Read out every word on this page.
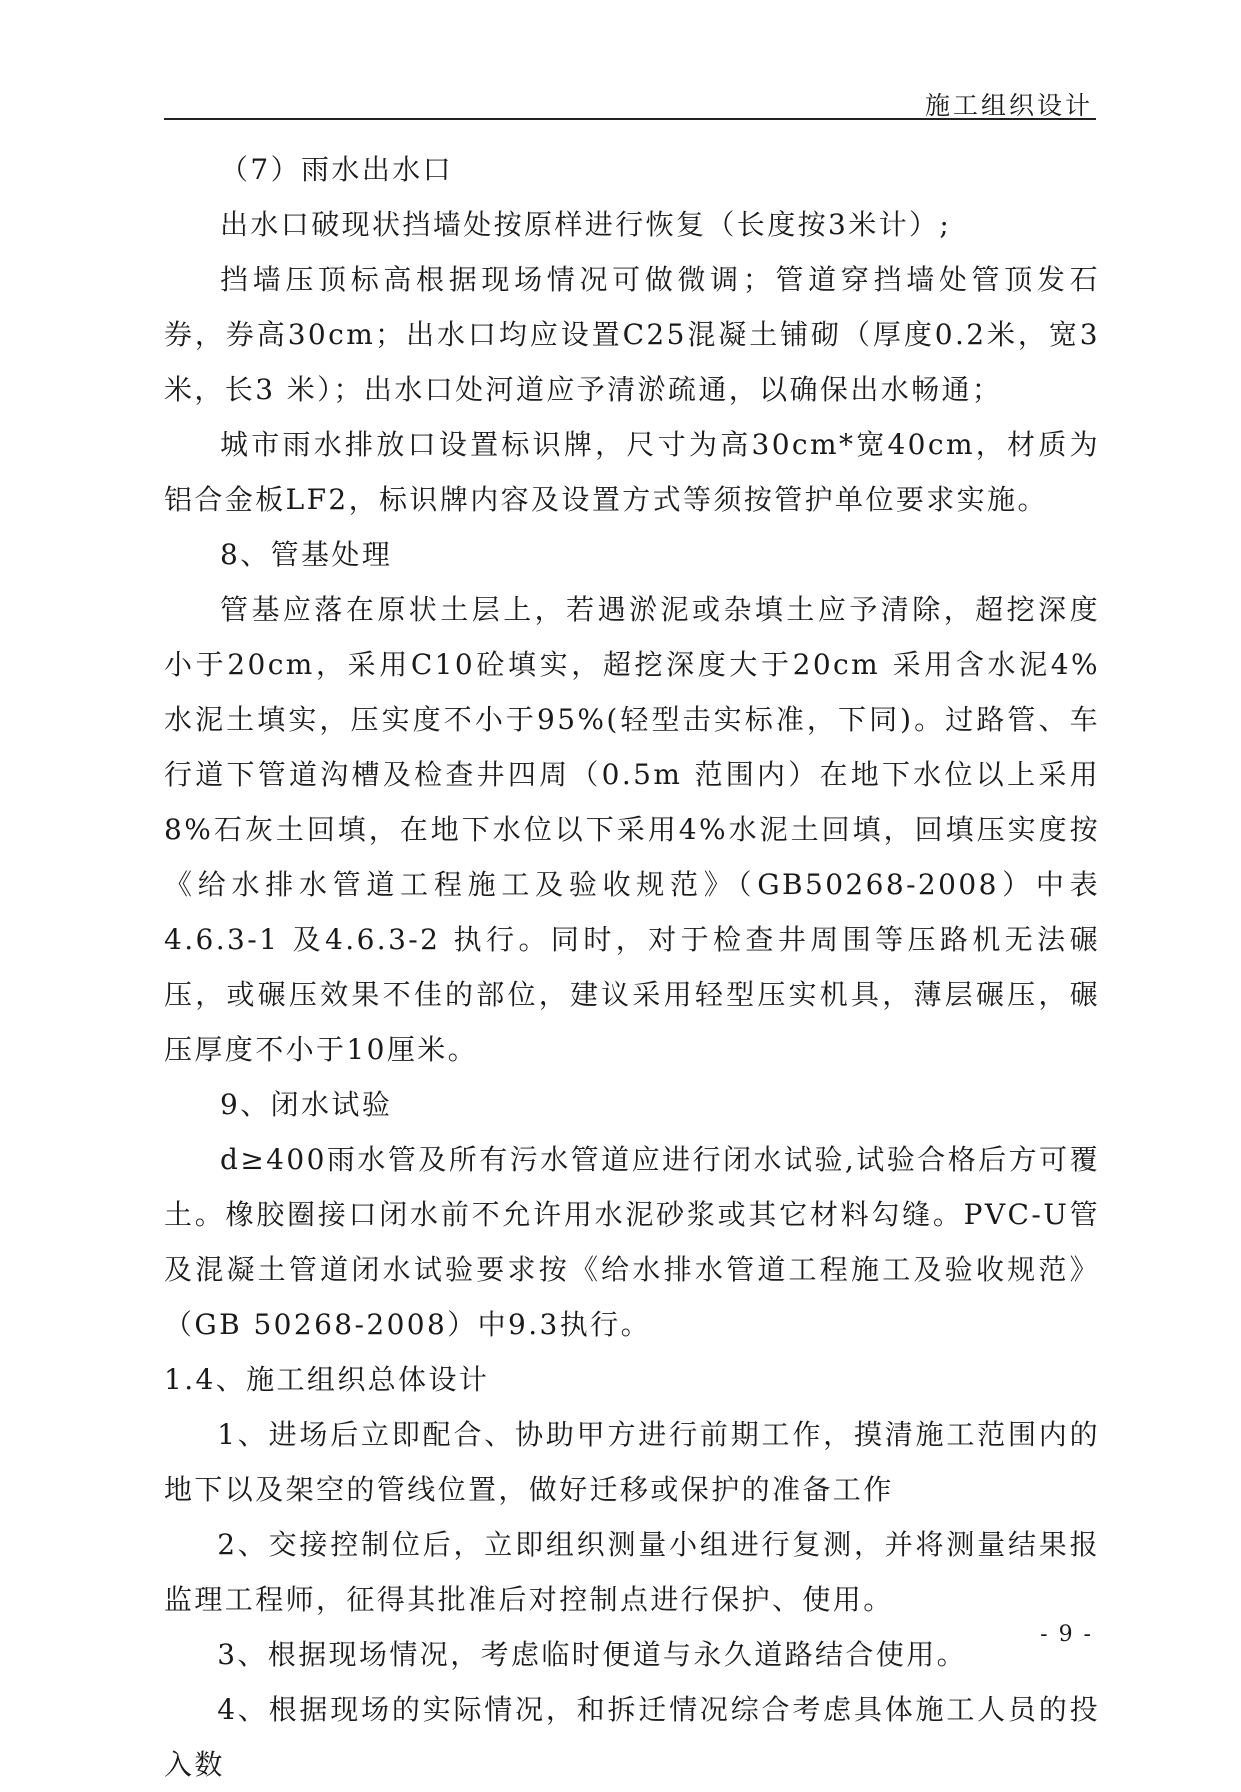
施工组织设计

（7）雨水出水口

出水口破现状挡墙处按原样进行恢复（长度按3米计）;

挡墙压顶标高根据现场情况可做微调；管道穿挡墙处管顶发石券，券高30cm；出水口均应设置C25混凝土铺砌（厚度0.2米，宽3 米，长3 米）；出水口处河道应予清淤疏通，以确保出水畅通；

城市雨水排放口设置标识牌，尺寸为高30cm*宽40cm，材质为铝合金板LF2，标识牌内容及设置方式等须按管护单位要求实施。

8、管基处理

管基应落在原状土层上，若遇淤泥或杂填土应予清除，超挖深度小于20cm，采用C10砼填实，超挖深度大于20cm 采用含水泥4%水泥土填实，压实度不小于95%(轻型击实标准，下同)。过路管、车行道下管道沟槽及检查井四周（0.5m 范围内）在地下水位以上采用8%石灰土回填，在地下水位以下采用4%水泥土回填，回填压实度按《给水排水管道工程施工及验收规范》（GB50268-2008）中表4.6.3-1 及4.6.3-2 执行。同时，对于检查井周围等压路机无法碾压，或碾压效果不佳的部位，建议采用轻型压实机具，薄层碾压，碾压厚度不小于10厘米。

9、闭水试验

d≥400雨水管及所有污水管道应进行闭水试验,试验合格后方可覆土。橡胶圈接口闭水前不允许用水泥砂浆或其它材料勾缝。PVC-U管及混凝土管道闭水试验要求按《给水排水管道工程施工及验收规范》（GB 50268-2008）中9.3执行。

1.4、施工组织总体设计

1、进场后立即配合、协助甲方进行前期工作，摸清施工范围内的地下以及架空的管线位置，做好迁移或保护的准备工作

2、交接控制位后，立即组织测量小组进行复测，并将测量结果报监理工程师，征得其批准后对控制点进行保护、使用。

3、根据现场情况，考虑临时便道与永久道路结合使用。

4、根据现场的实际情况，和拆迁情况综合考虑具体施工人员的投入数

- 9 -
